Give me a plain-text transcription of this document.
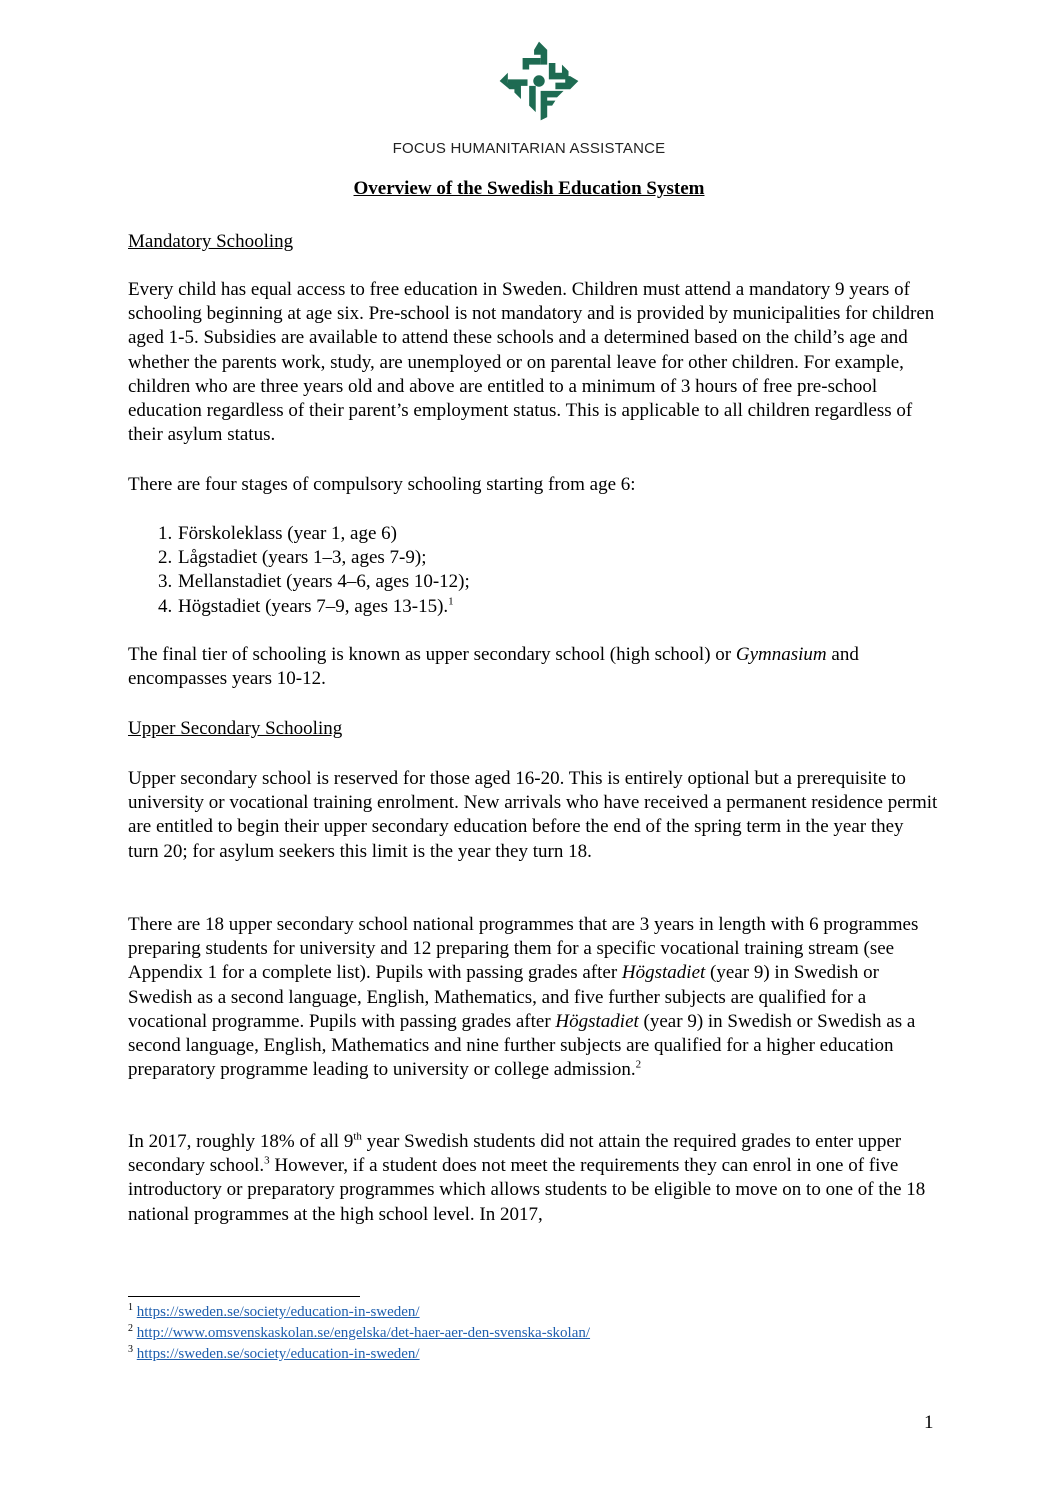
FOCUS HUMANITARIAN ASSISTANCE
Overview of the Swedish Education System
Mandatory Schooling
Every child has equal access to free education in Sweden. Children must attend a mandatory 9 years of schooling beginning at age six. Pre-school is not mandatory and is provided by municipalities for children aged 1-5. Subsidies are available to attend these schools and a determined based on the child’s age and whether the parents work, study, are unemployed or on parental leave for other children. For example, children who are three years old and above are entitled to a minimum of 3 hours of free pre-school education regardless of their parent’s employment status. This is applicable to all children regardless of their asylum status.
There are four stages of compulsory schooling starting from age 6:
1. Förskoleklass (year 1, age 6)
2. Lågstadiet (years 1–3, ages 7-9);
3. Mellanstadiet (years 4–6, ages 10-12);
4. Högstadiet (years 7–9, ages 13-15).$^1$
The final tier of schooling is known as upper secondary school (high school) or Gymnasium and encompasses years 10-12.
Upper Secondary Schooling
Upper secondary school is reserved for those aged 16-20. This is entirely optional but a prerequisite to university or vocational training enrolment. New arrivals who have received a permanent residence permit are entitled to begin their upper secondary education before the end of the spring term in the year they turn 20; for asylum seekers this limit is the year they turn 18.
There are 18 upper secondary school national programmes that are 3 years in length with 6 programmes preparing students for university and 12 preparing them for a specific vocational training stream (see Appendix 1 for a complete list). Pupils with passing grades after Högstadiet (year 9) in Swedish or Swedish as a second language, English, Mathematics, and five further subjects are qualified for a vocational programme. Pupils with passing grades after Högstadiet (year 9) in Swedish or Swedish as a second language, English, Mathematics and nine further subjects are qualified for a higher education preparatory programme leading to university or college admission.$^2$
In 2017, roughly 18% of all 9th year Swedish students did not attain the required grades to enter upper secondary school.$^3$ However, if a student does not meet the requirements they can enrol in one of five introductory or preparatory programmes which allows students to be eligible to move on to one of the 18 national programmes at the high school level. In 2017,
$^1$ https://sweden.se/society/education-in-sweden/
$^2$ http://www.omsvenskaskolan.se/engelska/det-haer-aer-den-svenska-skolan/
$^3$ https://sweden.se/society/education-in-sweden/
1
